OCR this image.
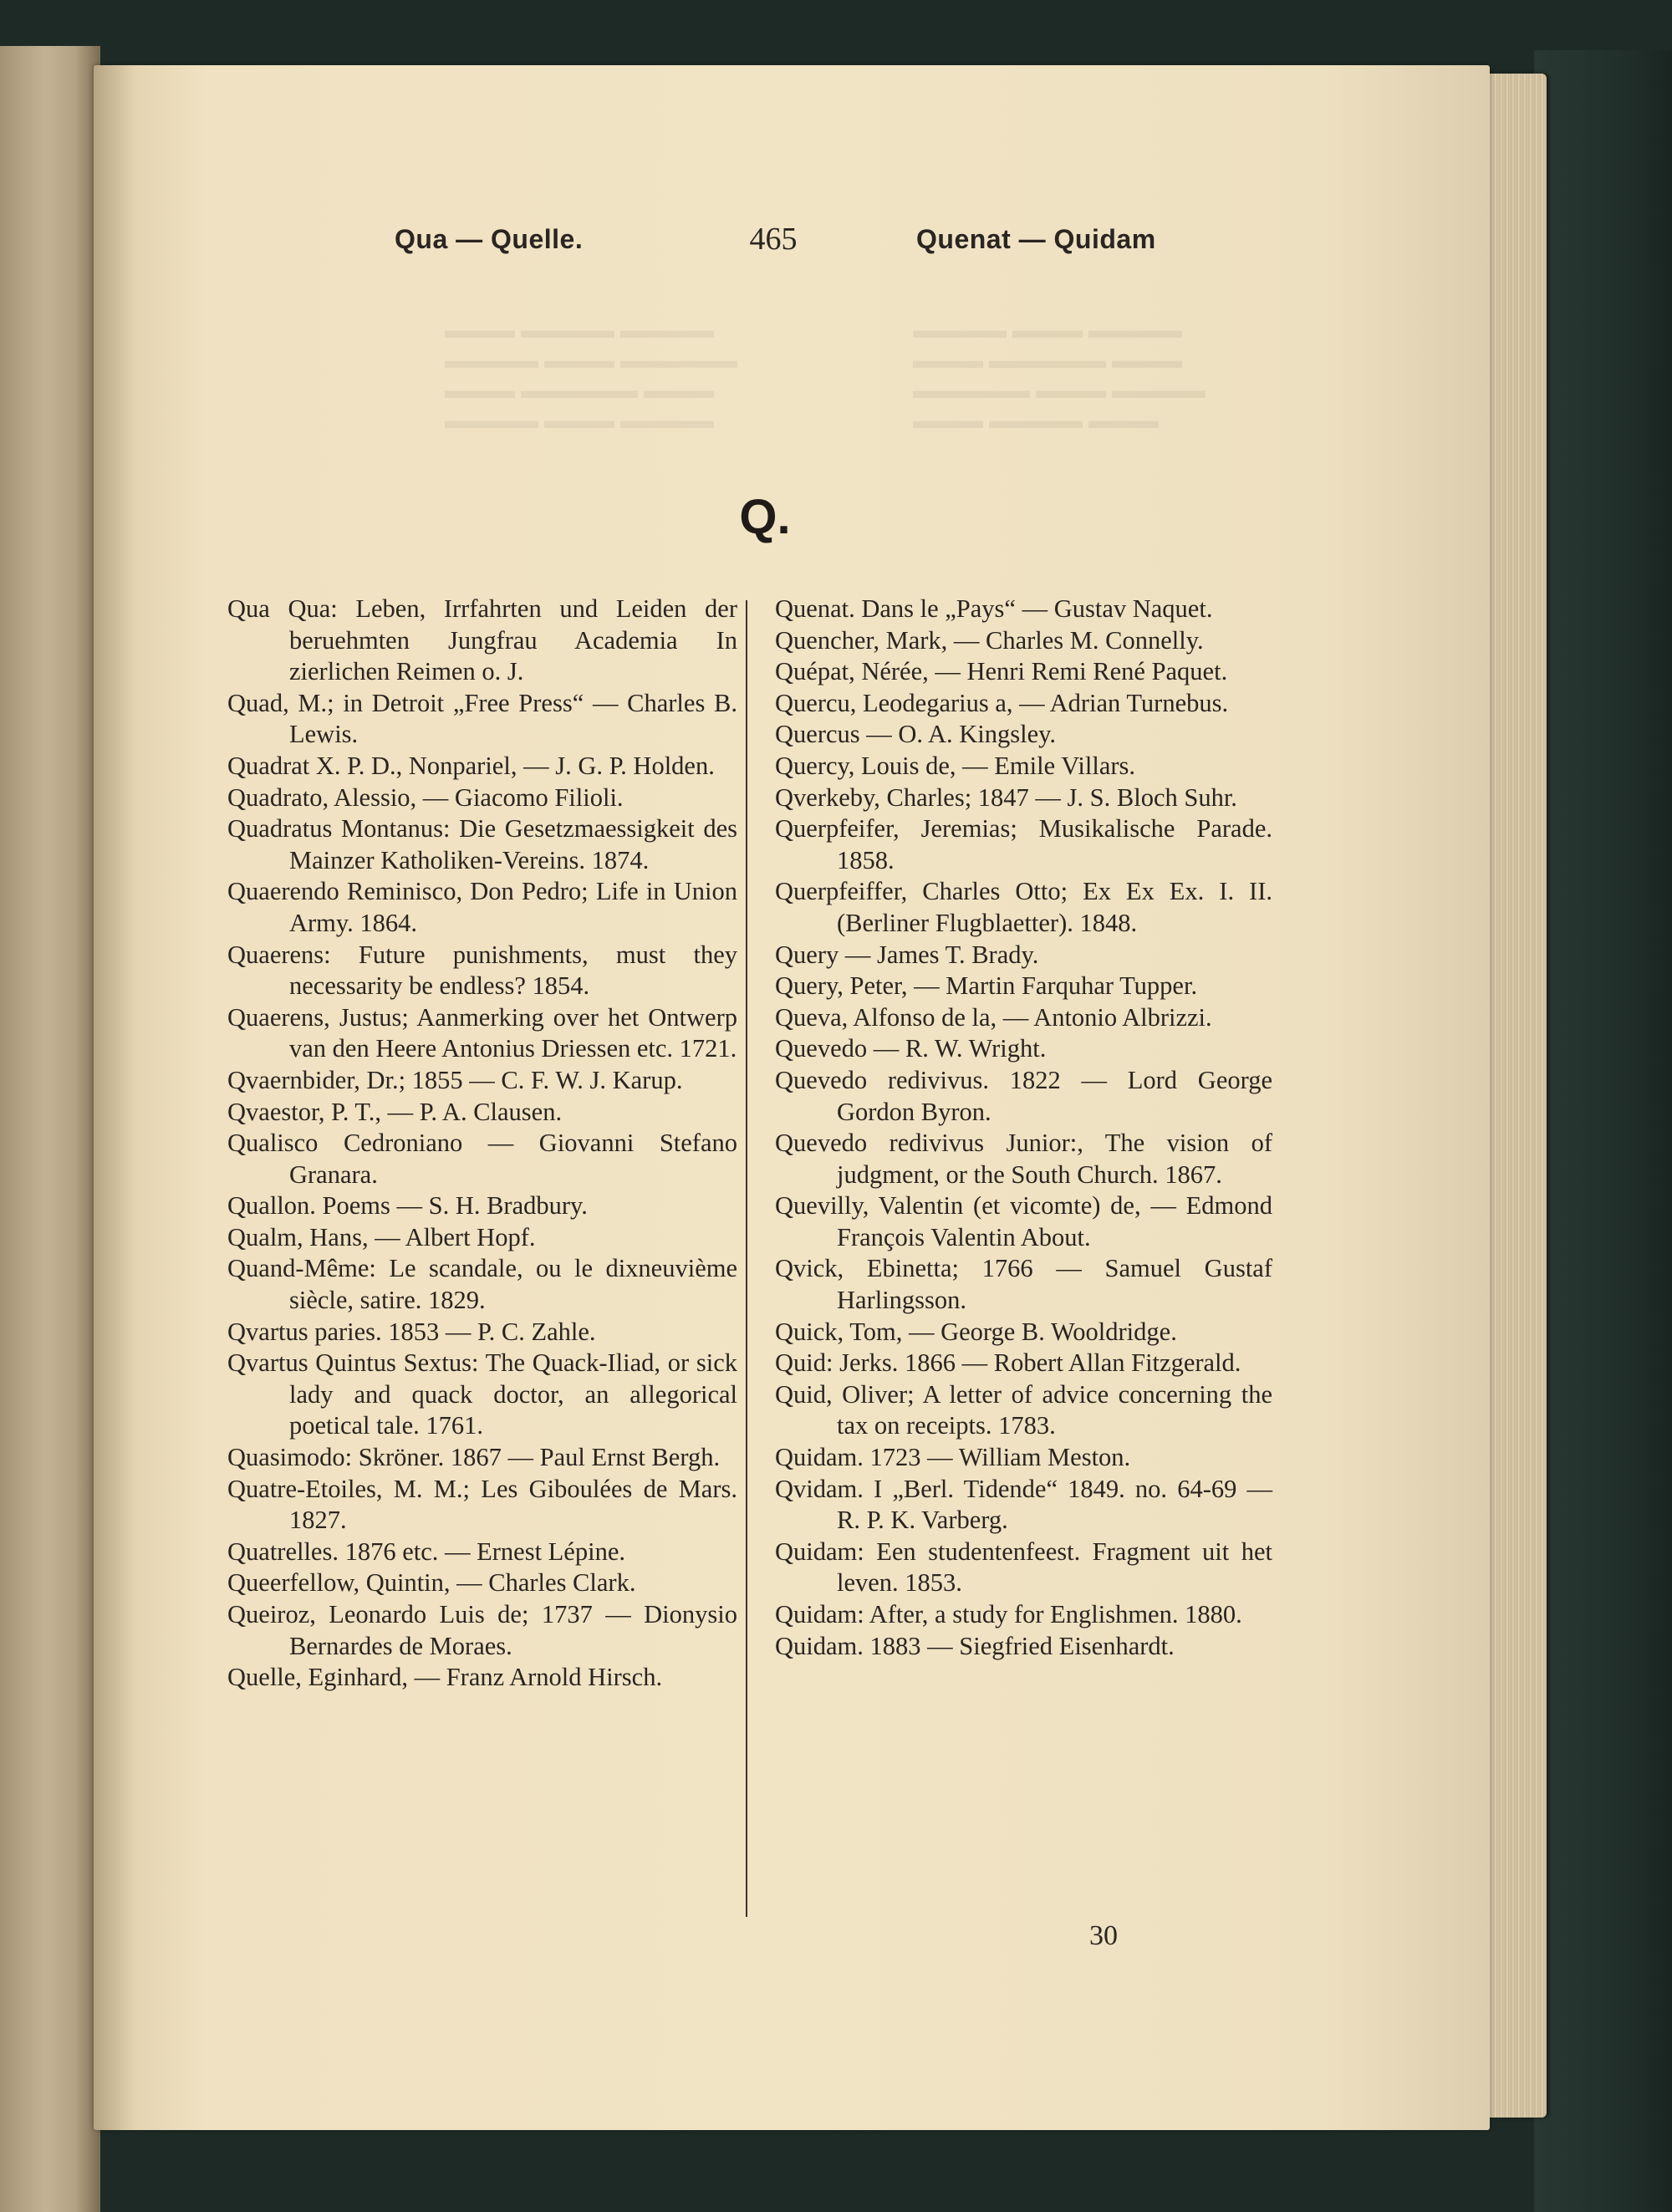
▬▬▬ ▬▬▬▬ ▬▬▬▬
▬▬▬▬ ▬▬▬ ▬▬▬▬▬
▬▬▬ ▬▬▬▬▬ ▬▬▬
▬▬▬▬ ▬▬▬ ▬▬▬▬
▬▬▬▬ ▬▬▬ ▬▬▬▬
▬▬▬ ▬▬▬▬▬ ▬▬▬
▬▬▬▬▬ ▬▬▬ ▬▬▬▬
▬▬▬ ▬▬▬▬ ▬▬▬
Qua — Quelle.	465	Quenat — Quidam
Q.

Qua Qua: Leben, Irrfahrten und Leiden der beruehmten Jungfrau Academia In zierlichen Reimen o. J.

Quad, M.; in Detroit „Free Press“ — Charles B. Lewis.

Quadrat X. P. D., Nonpariel, — J. G. P. Holden.

Quadrato, Alessio, — Giacomo Filioli.

Quadratus Montanus: Die Gesetzmaessigkeit des Mainzer Katholiken-Vereins. 1874.

Quaerendo Reminisco, Don Pedro; Life in Union Army. 1864.

Quaerens: Future punishments, must they necessarity be endless? 1854.

Quaerens, Justus; Aanmerking over het Ontwerp van den Heere Antonius Driessen etc. 1721.

Qvaernbider, Dr.; 1855 — C. F. W. J. Karup.

Qvaestor, P. T., — P. A. Clausen.

Qualisco Cedroniano — Giovanni Stefano Granara.

Quallon. Poems — S. H. Bradbury.

Qualm, Hans, — Albert Hopf.

Quand-Même: Le scandale, ou le dixneuvième siècle, satire. 1829.

Qvartus paries. 1853 — P. C. Zahle.

Qvartus Quintus Sextus: The Quack-Iliad, or sick lady and quack doctor, an allegorical poetical tale. 1761.

Quasimodo: Skröner. 1867 — Paul Ernst Bergh.

Quatre-Etoiles, M. M.; Les Giboulées de Mars. 1827.

Quatrelles. 1876 etc. — Ernest Lépine.

Queerfellow, Quintin, — Charles Clark.

Queiroz, Leonardo Luis de; 1737 — Dionysio Bernardes de Moraes.

Quelle, Eginhard, — Franz Arnold Hirsch.

Quenat. Dans le „Pays“ — Gustav Naquet.

Quencher, Mark, — Charles M. Connelly.

Quépat, Nérée, — Henri Remi René Paquet.

Quercu, Leodegarius a, — Adrian Turnebus.

Quercus — O. A. Kingsley.

Quercy, Louis de, — Emile Villars.

Qverkeby, Charles; 1847 — J. S. Bloch Suhr.

Querpfeifer, Jeremias; Musikalische Parade. 1858.

Querpfeiffer, Charles Otto; Ex Ex Ex. I. II. (Berliner Flugblaetter). 1848.

Query — James T. Brady.

Query, Peter, — Martin Farquhar Tupper.

Queva, Alfonso de la, — Antonio Albrizzi.

Quevedo — R. W. Wright.

Quevedo redivivus. 1822 — Lord George Gordon Byron.

Quevedo redivivus Junior:, The vision of judgment, or the South Church. 1867.

Quevilly, Valentin (et vicomte) de, — Edmond François Valentin About.

Qvick, Ebinetta; 1766 — Samuel Gustaf Harlingsson.

Quick, Tom, — George B. Wooldridge.

Quid: Jerks. 1866 — Robert Allan Fitzgerald.

Quid, Oliver; A letter of advice concerning the tax on receipts. 1783.

Quidam. 1723 — William Meston.

Qvidam. I „Berl. Tidende“ 1849. no. 64-69 — R. P. K. Varberg.

Quidam: Een studentenfeest. Fragment uit het leven. 1853.

Quidam: After, a study for Englishmen. 1880.

Quidam. 1883 — Siegfried Eisenhardt.

30
